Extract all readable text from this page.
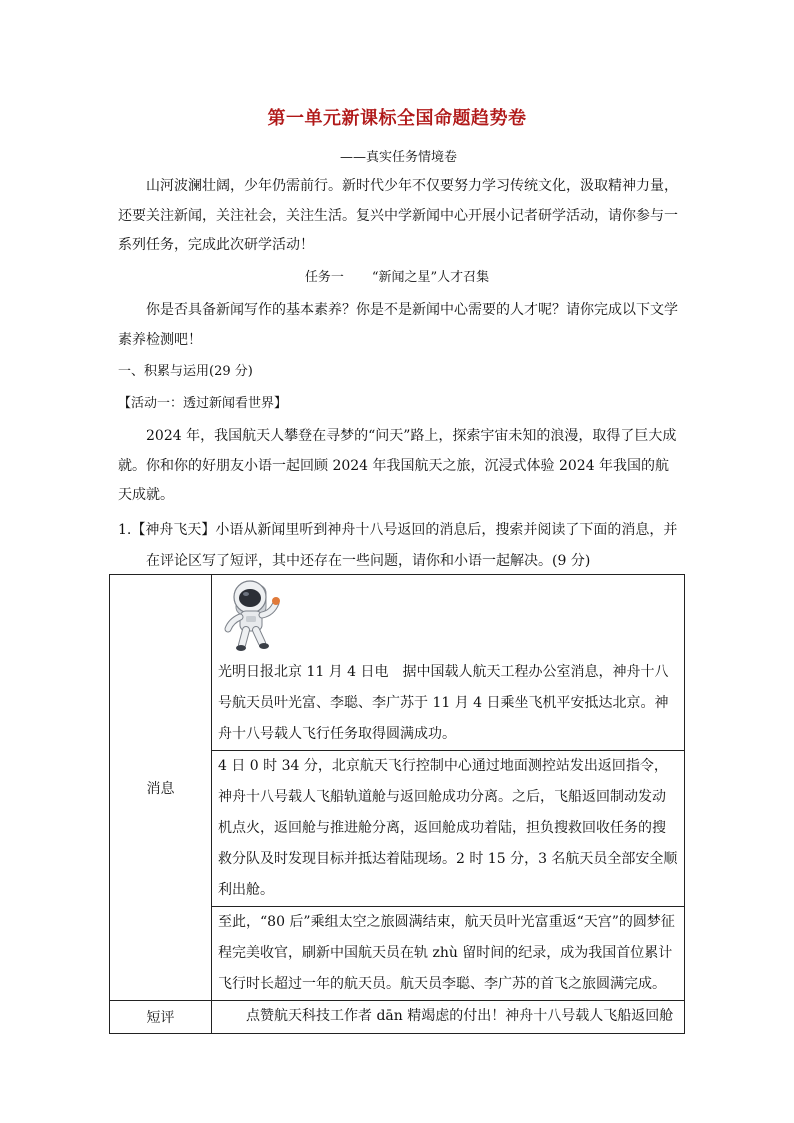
第一单元新课标全国命题趋势卷
——真实任务情境卷
山河波澜壮阔，少年仍需前行。新时代少年不仅要努力学习传统文化，汲取精神力量，还要关注新闻，关注社会，关注生活。复兴中学新闻中心开展小记者研学活动，请你参与一系列任务，完成此次研学活动！
任务一 “新闻之星”人才召集
你是否具备新闻写作的基本素养？你是不是新闻中心需要的人才呢？请你完成以下文学素养检测吧！
一、积累与运用(29 分)
【活动一：透过新闻看世界】
2024 年，我国航天人攀登在寻梦的“问天”路上，探索宇宙未知的浪漫，取得了巨大成就。你和你的好朋友小语一起回顾 2024 年我国航天之旅，沉浸式体验 2024 年我国的航天成就。
1.【神舟飞天】小语从新闻里听到神舟十八号返回的消息后，搜索并阅读了下面的消息，并
在评论区写了短评，其中还存在一些问题，请你和小语一起解决。(9 分)
消息	光明日报北京 11 月 4 日电　据中国载人航天工程办公室消息，神舟十八号航天员叶光富、李聪、李广苏于 11 月 4 日乘坐飞机平安抵达北京。神舟十八号载人飞行任务取得圆满成功。

	4 日 0 时 34 分，北京航天飞行控制中心通过地面测控站发出返回指令，神舟十八号载人飞船轨道舱与返回舱成功分离。之后，飞船返回制动发动机点火，返回舱与推进舱分离，返回舱成功着陆，担负搜救回收任务的搜救分队及时发现目标并抵达着陆现场。2 时 15 分，3 名航天员全部安全顺利出舱。

	至此，“80 后”乘组太空之旅圆满结束，航天员叶光富重返“天宫”的圆梦征程完美收官，刷新中国航天员在轨 zhù 留时间的纪录，成为我国首位累计飞行时长超过一年的航天员。航天员李聪、李广苏的首飞之旅圆满完成。

短评	点赞航天科技工作者 dān 精竭虑的付出！神舟十八号载人飞船返回舱
